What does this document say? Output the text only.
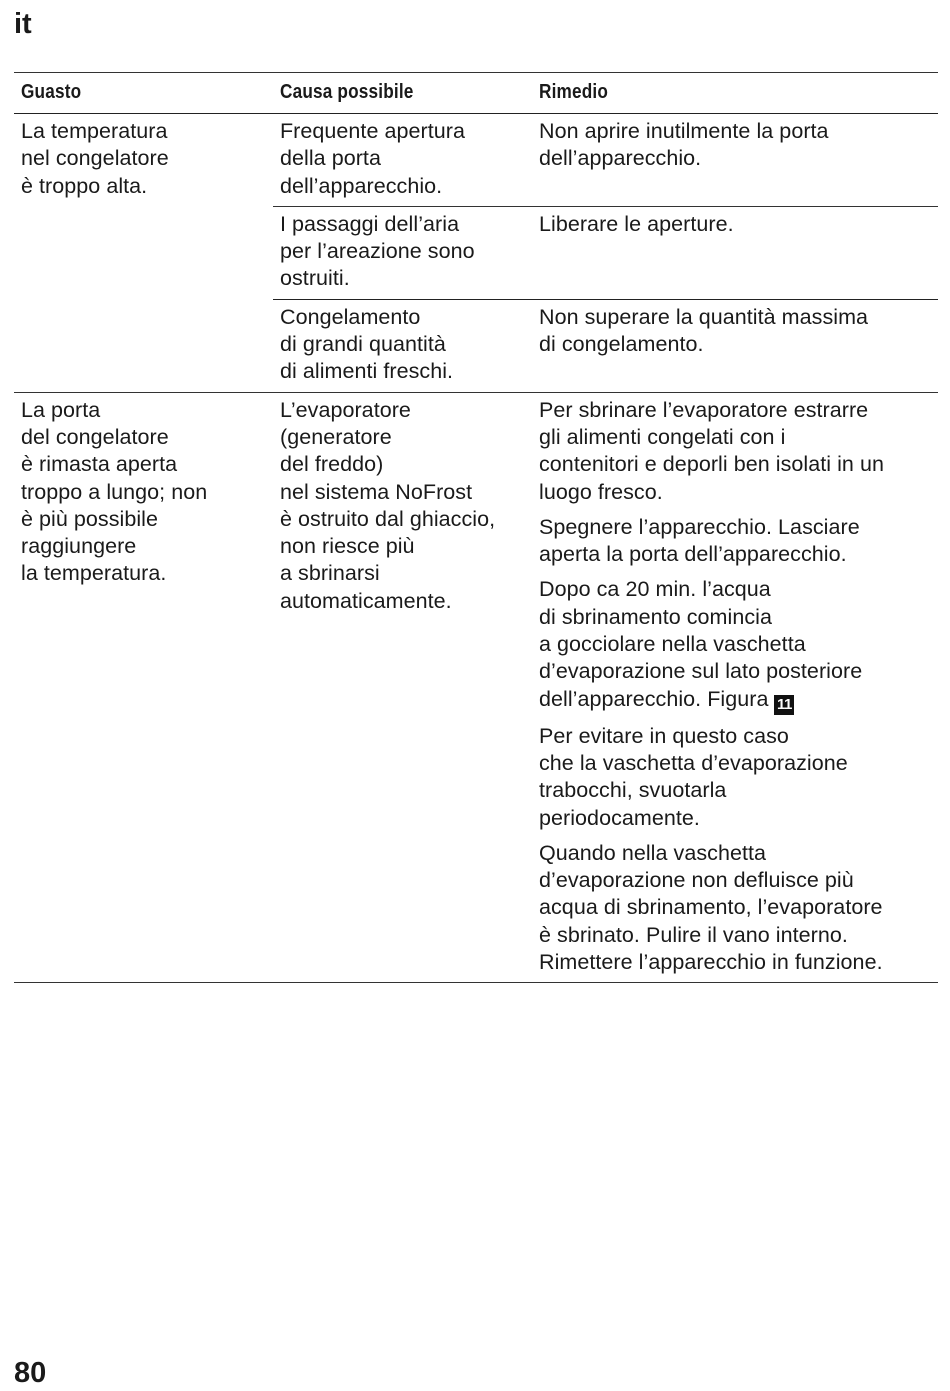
it
Guasto	Causa possibile	Rimedio
La temperatura
nel congelatore
è troppo alta.
Frequente apertura
della porta
dell’apparecchio.
Non aprire inutilmente la porta
dell’apparecchio.
I passaggi dell’aria
per l’areazione sono
ostruiti.
Liberare le aperture.
Congelamento
di grandi quantità
di alimenti freschi.
Non superare la quantità massima
di congelamento.
La porta
del congelatore
è rimasta aperta
troppo a lungo; non
è più possibile
raggiungere
la temperatura.
L’evaporatore
(generatore
del freddo)
nel sistema NoFrost
è ostruito dal ghiaccio,
non riesce più
a sbrinarsi
automaticamente.
Per sbrinare l’evaporatore estrarre
gli alimenti congelati con i
contenitori e deporli ben isolati in un
luogo fresco.
Spegnere l’apparecchio. Lasciare
aperta la porta dell’apparecchio.
Dopo ca 20 min. l’acqua
di sbrinamento comincia
a gocciolare nella vaschetta
d’evaporazione sul lato posteriore
dell’apparecchio. Figura 11
Per evitare in questo caso
che la vaschetta d’evaporazione
trabocchi, svuotarla
periodocamente.
Quando nella vaschetta
d’evaporazione non defluisce più
acqua di sbrinamento, l’evaporatore
è sbrinato. Pulire il vano interno.
Rimettere l’apparecchio in funzione.
80
